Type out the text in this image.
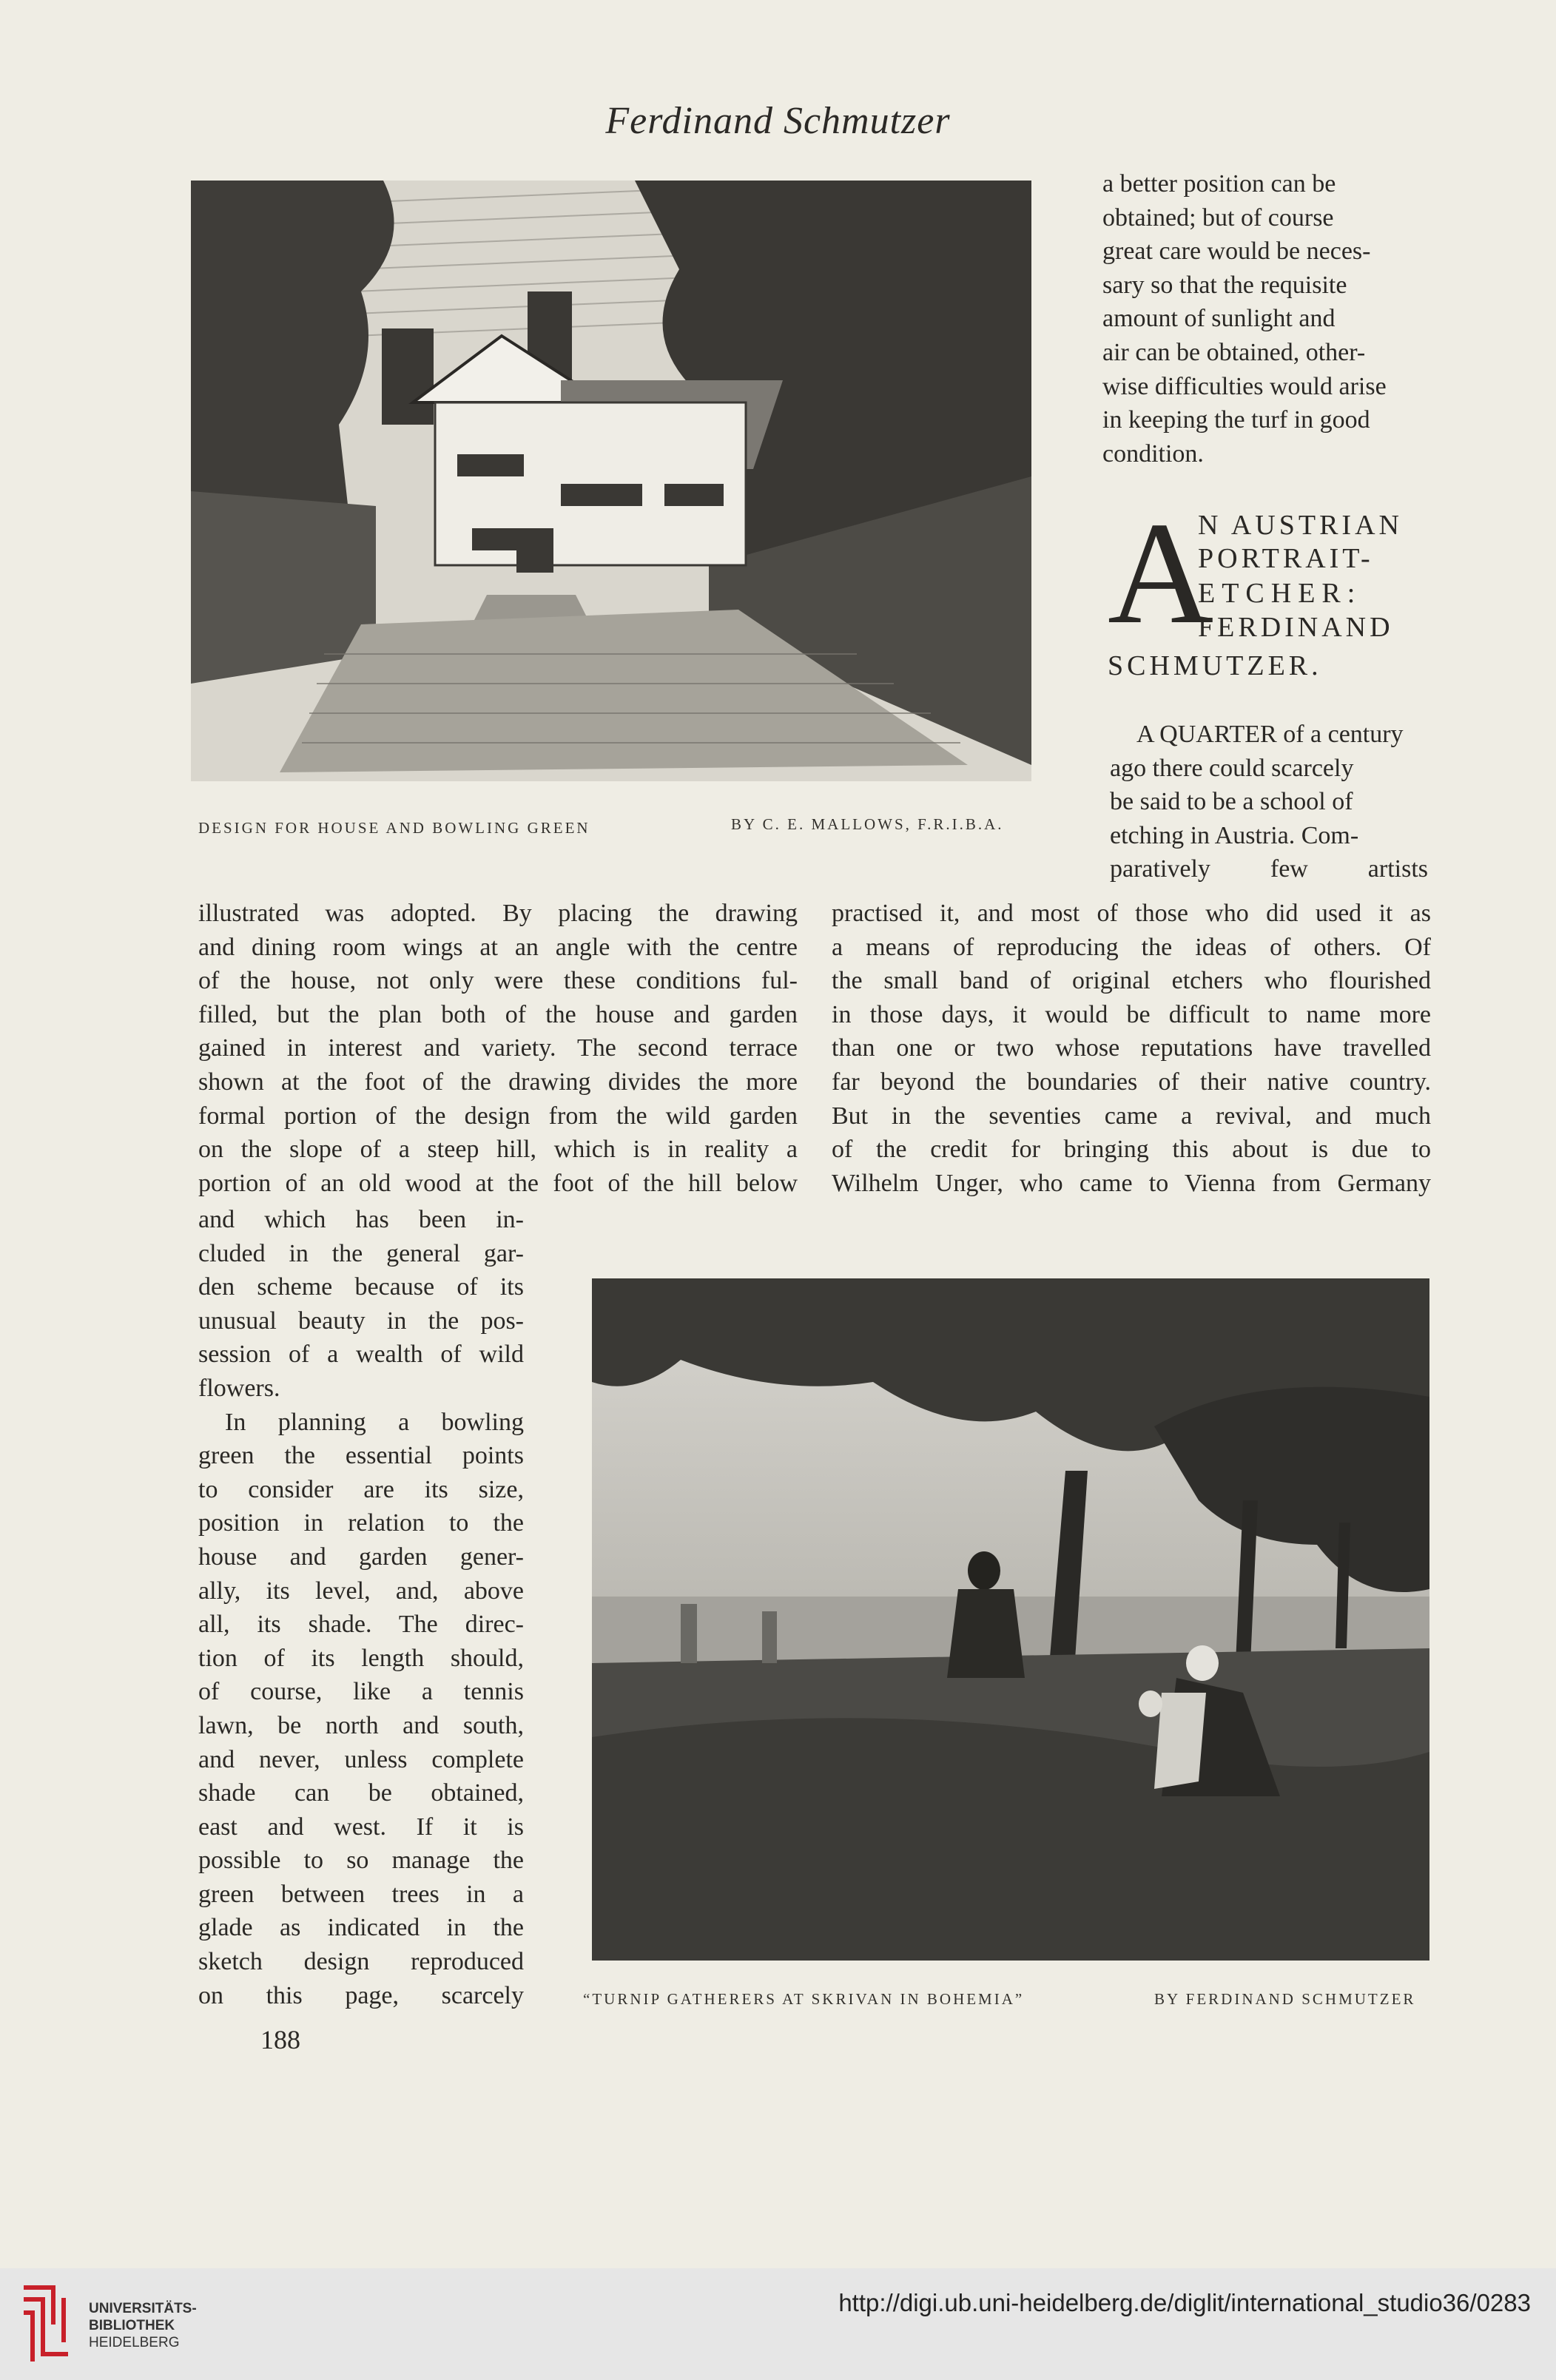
Ferdinand Schmutzer
DESIGN FOR HOUSE AND BOWLING GREEN	BY C. E. MALLOWS, F.R.I.B.A.

a better position can be

obtained; but of course

great care would be neces-

sary so that the requisite

amount of sunlight and

air can be obtained, other-

wise difficulties would arise

in keeping the turf in good

condition.

A
N AUSTRIAN
PORTRAIT-
ETCHER:
FERDINAND
SCHMUTZER.

A QUARTER of a century

ago there could scarcely

be said to be a school of

etching in Austria. Com-

paratively few artists

illustrated was adopted. By placing the drawing

and dining room wings at an angle with the centre

of the house, not only were these conditions ful-

filled, but the plan both of the house and garden

gained in interest and variety. The second terrace

shown at the foot of the drawing divides the more

formal portion of the design from the wild garden

on the slope of a steep hill, which is in reality a

portion of an old wood at the foot of the hill below

practised it, and most of those who did used it as

a means of reproducing the ideas of others. Of

the small band of original etchers who flourished

in those days, it would be difficult to name more

than one or two whose reputations have travelled

far beyond the boundaries of their native country.

But in the seventies came a revival, and much

of the credit for bringing this about is due to

Wilhelm Unger, who came to Vienna from Germany

and which has been in-

cluded in the general gar-

den scheme because of its

unusual beauty in the pos-

session of a wealth of wild

flowers.

In planning a bowling

green the essential points

to consider are its size,

position in relation to the

house and garden gener-

ally, its level, and, above

all, its shade. The direc-

tion of its length should,

of course, like a tennis

lawn, be north and south,

and never, unless complete

shade can be obtained,

east and west. If it is

possible to so manage the

green between trees in a

glade as indicated in the

sketch design reproduced

on this page, scarcely	“TURNIP GATHERERS AT SKRIVAN IN BOHEMIA”	BY FERDINAND SCHMUTZER
188
UNIVERSITÄTS-
BIBLIOTHEK
HEIDELBERG
http://digi.ub.uni-heidelberg.de/diglit/international_studio36/0283
